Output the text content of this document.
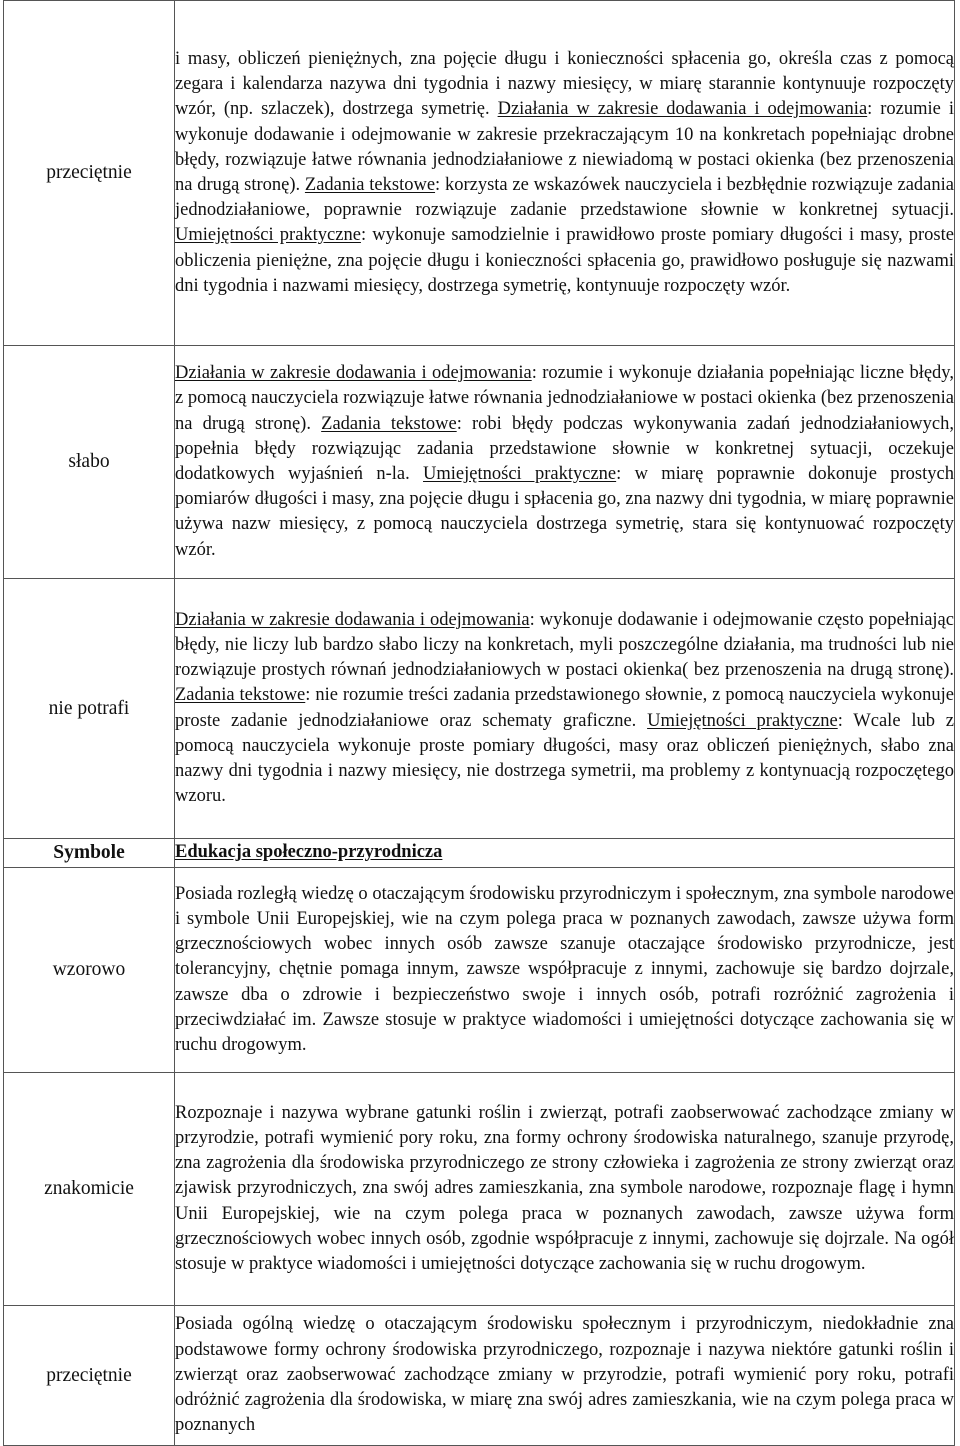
przeciętnie	i masy, obliczeń pieniężnych, zna pojęcie długu i konieczności spłacenia go, określa czas z pomocą zegara i kalendarza nazywa dni tygodnia i nazwy miesięcy, w miarę starannie kontynuuje rozpoczęty wzór, (np. szlaczek), dostrzega symetrię. Działania w zakresie dodawania i odejmowania: rozumie i wykonuje dodawanie i odejmowanie w zakresie przekraczającym 10 na konkretach popełniając drobne błędy, rozwiązuje łatwe równania jednodziałaniowe z niewiadomą w postaci okienka (bez przenoszenia na drugą stronę). Zadania tekstowe: korzysta ze wskazówek nauczyciela i bezbłędnie rozwiązuje zadania jednodziałaniowe, poprawnie rozwiązuje zadanie przedstawione słownie w konkretnej sytuacji. Umiejętności praktyczne: wykonuje samodzielnie i prawidłowo proste pomiary długości i masy, proste obliczenia pieniężne, zna pojęcie długu i konieczności spłacenia go, prawidłowo posługuje się nazwami dni tygodnia i nazwami miesięcy, dostrzega symetrię, kontynuuje rozpoczęty wzór.
słabo	Działania w zakresie dodawania i odejmowania: rozumie i wykonuje działania popełniając liczne błędy, z pomocą nauczyciela rozwiązuje łatwe równania jednodziałaniowe w postaci okienka (bez przenoszenia na drugą stronę). Zadania tekstowe: robi błędy podczas wykonywania zadań jednodziałaniowych, popełnia błędy rozwiązując zadania przedstawione słownie w konkretnej sytuacji, oczekuje dodatkowych wyjaśnień n-la. Umiejętności praktyczne: w miarę poprawnie dokonuje prostych pomiarów długości i masy, zna pojęcie długu i spłacenia go, zna nazwy dni tygodnia, w miarę poprawnie używa nazw miesięcy, z pomocą nauczyciela dostrzega symetrię, stara się kontynuować rozpoczęty wzór.
nie potrafi	Działania w zakresie dodawania i odejmowania: wykonuje dodawanie i odejmowanie często popełniając błędy, nie liczy lub bardzo słabo liczy na konkretach, myli poszczególne działania, ma trudności lub nie rozwiązuje prostych równań jednodziałaniowych w postaci okienka( bez przenoszenia na drugą stronę). Zadania tekstowe: nie rozumie treści zadania przedstawionego słownie, z pomocą nauczyciela wykonuje proste zadanie jednodziałaniowe oraz schematy graficzne. Umiejętności praktyczne: Wcale lub z pomocą nauczyciela wykonuje proste pomiary długości, masy oraz obliczeń pieniężnych, słabo zna nazwy dni tygodnia i nazwy miesięcy, nie dostrzega symetrii, ma problemy z kontynuacją rozpoczętego wzoru.
Symbole	Edukacja społeczno-przyrodnicza
wzorowo	Posiada rozległą wiedzę o otaczającym środowisku przyrodniczym i społecznym, zna symbole narodowe i symbole Unii Europejskiej, wie na czym polega praca w poznanych zawodach, zawsze używa form grzecznościowych wobec innych osób zawsze szanuje otaczające środowisko przyrodnicze, jest tolerancyjny, chętnie pomaga innym, zawsze współpracuje z innymi, zachowuje się bardzo dojrzale, zawsze dba o zdrowie i bezpieczeństwo swoje i innych osób, potrafi rozróżnić zagrożenia i przeciwdziałać im. Zawsze stosuje w praktyce wiadomości i umiejętności dotyczące zachowania się w ruchu drogowym.
znakomicie	Rozpoznaje i nazywa wybrane gatunki roślin i zwierząt, potrafi zaobserwować zachodzące zmiany w przyrodzie, potrafi wymienić pory roku, zna formy ochrony środowiska naturalnego, szanuje przyrodę, zna zagrożenia dla środowiska przyrodniczego ze strony człowieka i zagrożenia ze strony zwierząt oraz zjawisk przyrodniczych, zna swój adres zamieszkania, zna symbole narodowe, rozpoznaje flagę i hymn Unii Europejskiej, wie na czym polega praca w poznanych zawodach, zawsze używa form grzecznościowych wobec innych osób, zgodnie współpracuje z innymi, zachowuje się dojrzale. Na ogół stosuje w praktyce wiadomości i umiejętności dotyczące zachowania się w ruchu drogowym.
przeciętnie	Posiada ogólną wiedzę o otaczającym środowisku społecznym i przyrodniczym, niedokładnie zna podstawowe formy ochrony środowiska przyrodniczego, rozpoznaje i nazywa niektóre gatunki roślin i zwierząt oraz zaobserwować zachodzące zmiany w przyrodzie, potrafi wymienić pory roku, potrafi odróżnić zagrożenia dla środowiska, w miarę zna swój adres zamieszkania, wie na czym polega praca w poznanych
